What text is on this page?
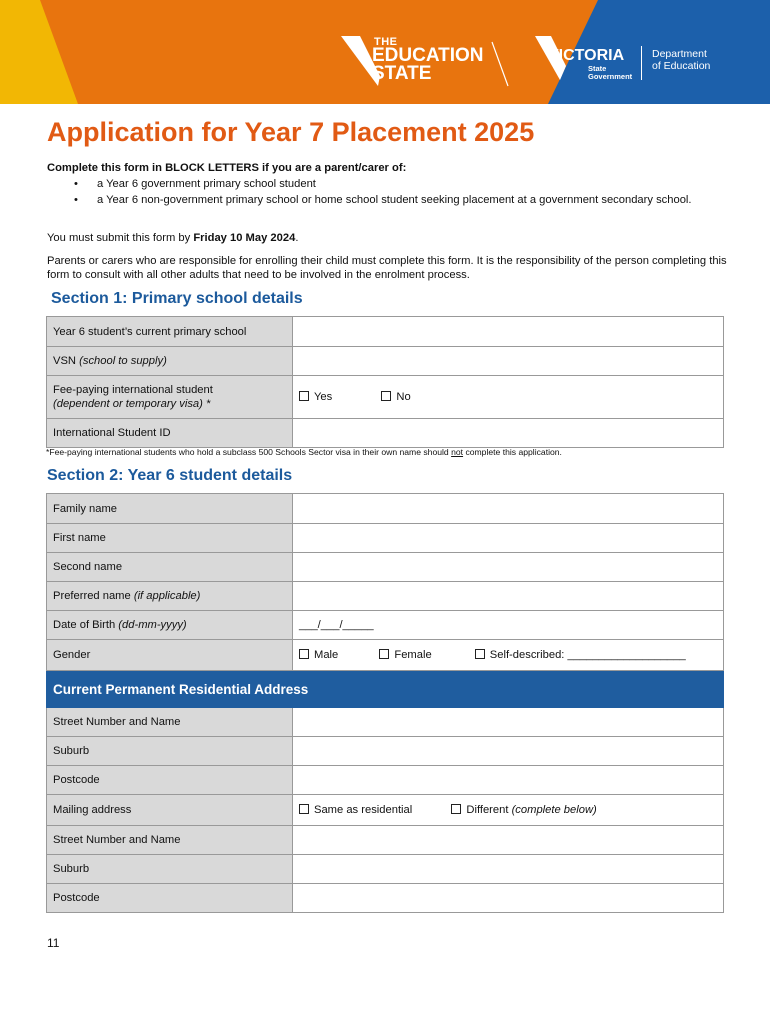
THE
EDUCATION
STATE
VICTORIA
State
Government
Department
of Education
Application for Year 7 Placement 2025
Complete this form in BLOCK LETTERS if you are a parent/carer of:
• a Year 6 government primary school student
• a Year 6 non-government primary school or home school student seeking placement at a government secondary school.
You must submit this form by Friday 10 May 2024.
Parents or carers who are responsible for enrolling their child must complete this form. It is the responsibility of the person completing this form to consult with all other adults that need to be involved in the enrolment process.
Section 1: Primary school details
Year 6 student’s current primary school	
VSN (school to supply)	

Fee-paying international student
(dependent or temporary visa) *	Yes No
International Student ID	
*Fee-paying international students who hold a subclass 500 Schools Sector visa in their own name should not complete this application.
Section 2: Year 6 student details
Family name	
First name	
Second name	
Preferred name (if applicable)	
Date of Birth (dd-mm-yyyy)	___/___/_____
Gender	Male Female Self-described: ___________________
Current Permanent Residential Address	
Street Number and Name	
Suburb	
Postcode	
Mailing address	Same as residential Different (complete below)
Street Number and Name	
Suburb	
Postcode	
11
